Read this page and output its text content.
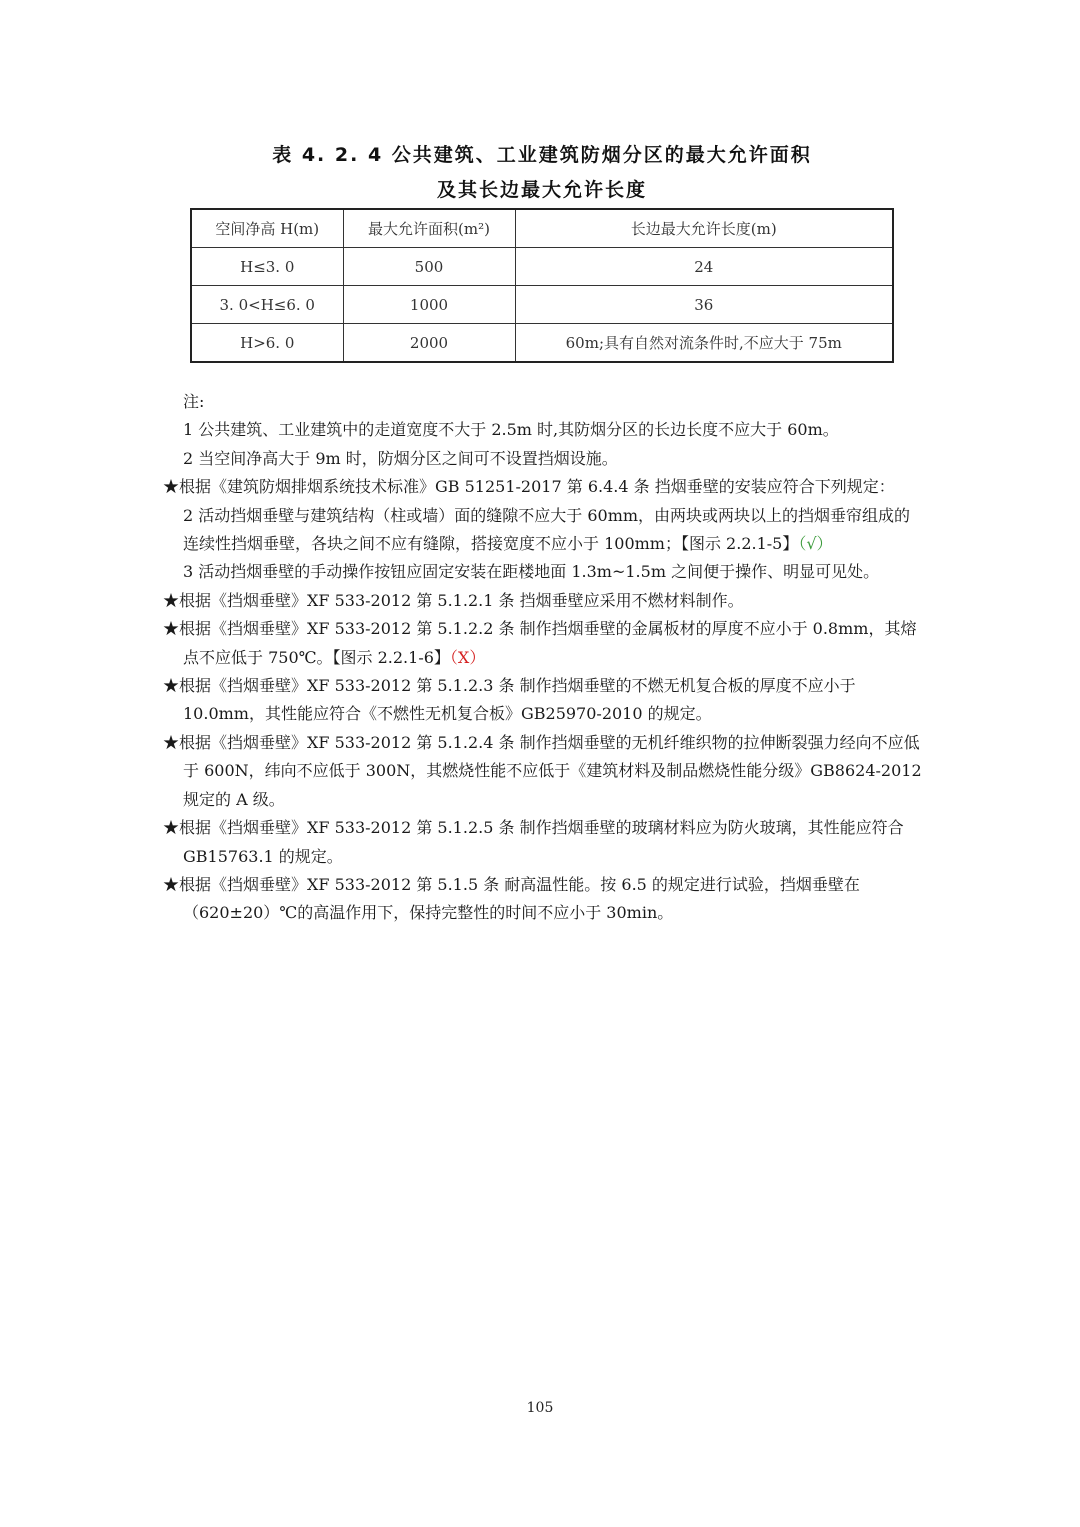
表 4. 2. 4 公共建筑、工业建筑防烟分区的最大允许面积
及其长边最大允许长度
空间净高 H(m)	最大允许面积(m²)	长边最大允许长度(m)
H≤3. 0	500	24
3. 0<H≤6. 0	1000	36
H>6. 0	2000	60m;具有自然对流条件时,不应大于 75m

注:

1 公共建筑、工业建筑中的走道宽度不大于 2.5m 时,其防烟分区的长边长度不应大于 60m。

2 当空间净高大于 9m 时，防烟分区之间可不设置挡烟设施。

★根据《建筑防烟排烟系统技术标准》GB 51251-2017 第 6.4.4 条 挡烟垂壁的安装应符合下列规定：

2 活动挡烟垂壁与建筑结构（柱或墙）面的缝隙不应大于 60mm，由两块或两块以上的挡烟垂帘组成的连续性挡烟垂壁，各块之间不应有缝隙，搭接宽度不应小于 100mm；【图示 2.2.1-5】（√）

3 活动挡烟垂壁的手动操作按钮应固定安装在距楼地面 1.3m~1.5m 之间便于操作、明显可见处。

★根据《挡烟垂壁》XF 533-2012 第 5.1.2.1 条 挡烟垂壁应采用不燃材料制作。

★根据《挡烟垂壁》XF 533-2012 第 5.1.2.2 条 制作挡烟垂壁的金属板材的厚度不应小于 0.8mm，其熔点不应低于 750℃。【图示 2.2.1-6】（X）

★根据《挡烟垂壁》XF 533-2012 第 5.1.2.3 条 制作挡烟垂壁的不燃无机复合板的厚度不应小于 10.0mm，其性能应符合《不燃性无机复合板》GB25970-2010 的规定。

★根据《挡烟垂壁》XF 533-2012 第 5.1.2.4 条 制作挡烟垂壁的无机纤维织物的拉伸断裂强力经向不应低于 600N，纬向不应低于 300N，其燃烧性能不应低于《建筑材料及制品燃烧性能分级》GB8624-2012 规定的 A 级。

★根据《挡烟垂壁》XF 533-2012 第 5.1.2.5 条 制作挡烟垂壁的玻璃材料应为防火玻璃，其性能应符合 GB15763.1 的规定。

★根据《挡烟垂壁》XF 533-2012 第 5.1.5 条 耐高温性能。按 6.5 的规定进行试验，挡烟垂壁在（620±20）℃的高温作用下，保持完整性的时间不应小于 30min。

105
